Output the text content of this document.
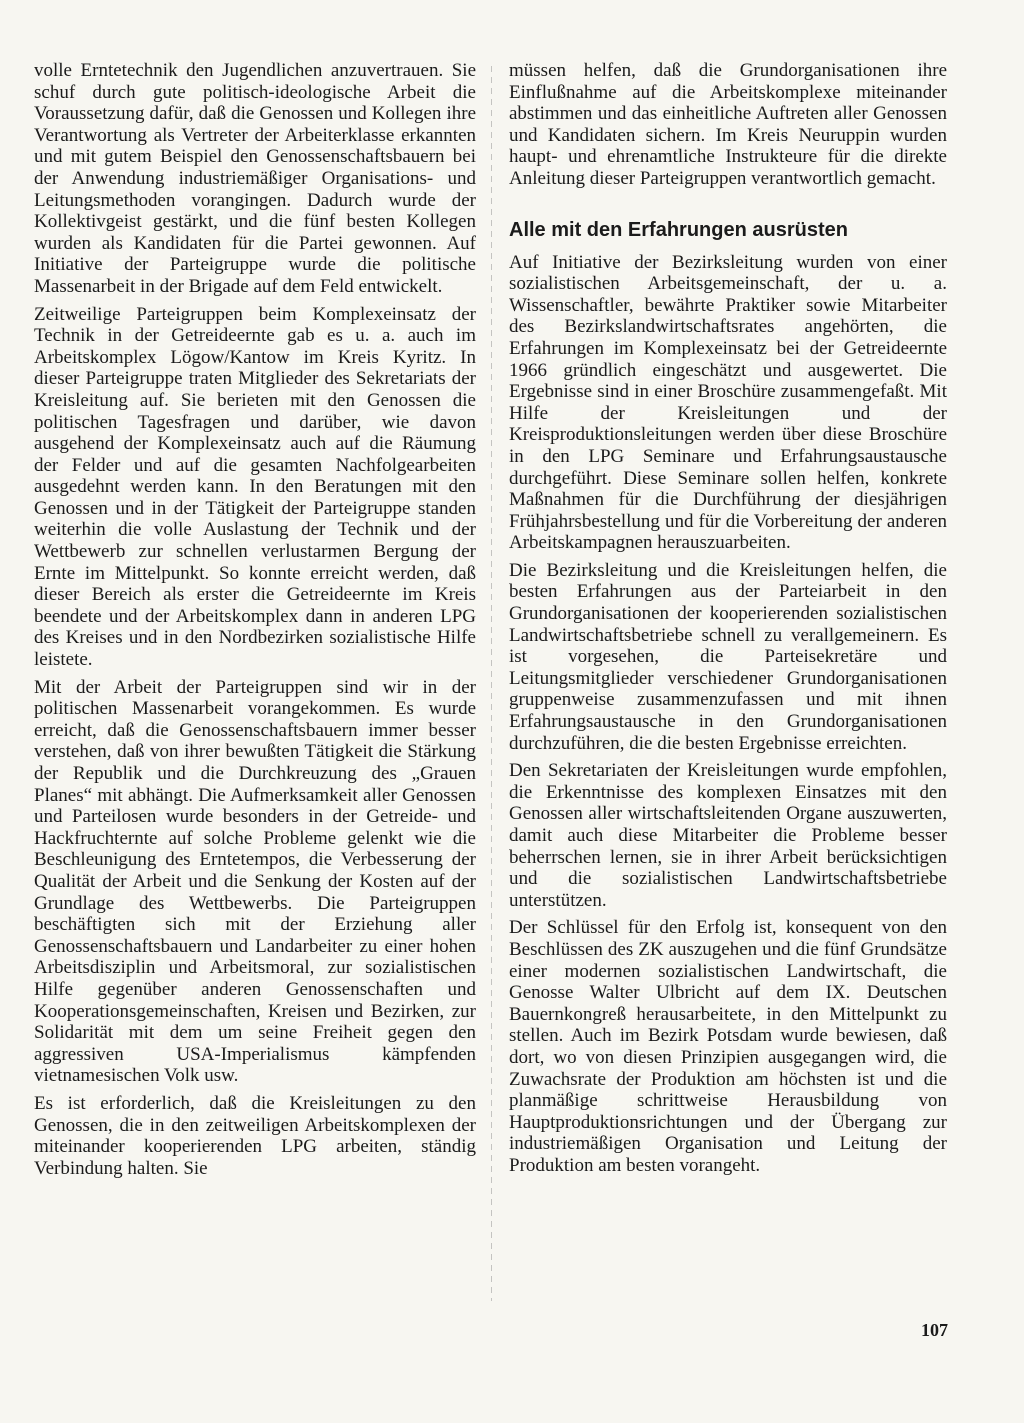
volle Erntetechnik den Jugendlichen anzuvertrauen. Sie schuf durch gute politisch-ideologische Arbeit die Voraussetzung dafür, daß die Genossen und Kollegen ihre Verantwortung als Vertreter der Arbeiterklasse erkannten und mit gutem Beispiel den Genossenschaftsbauern bei der Anwendung industriemäßiger Organisations- und Leitungsmethoden vorangingen. Dadurch wurde der Kollektivgeist gestärkt, und die fünf besten Kollegen wurden als Kandidaten für die Partei gewonnen. Auf Initiative der Parteigruppe wurde die politische Massenarbeit in der Brigade auf dem Feld entwickelt.

Zeitweilige Parteigruppen beim Komplexeinsatz der Technik in der Getreideernte gab es u. a. auch im Arbeitskomplex Lögow/Kantow im Kreis Kyritz. In dieser Parteigruppe traten Mitglieder des Sekretariats der Kreisleitung auf. Sie berieten mit den Genossen die politischen Tagesfragen und darüber, wie davon ausgehend der Komplexeinsatz auch auf die Räumung der Felder und auf die gesamten Nachfolgearbeiten ausgedehnt werden kann. In den Beratungen mit den Genossen und in der Tätigkeit der Parteigruppe standen weiterhin die volle Auslastung der Technik und der Wettbewerb zur schnellen verlustarmen Bergung der Ernte im Mittelpunkt. So konnte erreicht werden, daß dieser Bereich als erster die Getreideernte im Kreis beendete und der Arbeitskomplex dann in anderen LPG des Kreises und in den Nordbezirken sozialistische Hilfe leistete.

Mit der Arbeit der Parteigruppen sind wir in der politischen Massenarbeit vorangekommen. Es wurde erreicht, daß die Genossenschaftsbauern immer besser verstehen, daß von ihrer bewußten Tätigkeit die Stärkung der Republik und die Durchkreuzung des „Grauen Planes“ mit abhängt. Die Aufmerksamkeit aller Genossen und Parteilosen wurde besonders in der Getreide- und Hackfruchternte auf solche Probleme gelenkt wie die Beschleunigung des Erntetempos, die Verbesserung der Qualität der Arbeit und die Senkung der Kosten auf der Grundlage des Wettbewerbs. Die Parteigruppen beschäftigten sich mit der Erziehung aller Genossenschaftsbauern und Landarbeiter zu einer hohen Arbeitsdisziplin und Arbeitsmoral, zur sozialistischen Hilfe gegenüber anderen Genossenschaften und Kooperationsgemeinschaften, Kreisen und Bezirken, zur Solidarität mit dem um seine Freiheit gegen den aggressiven USA-Imperialismus kämpfenden vietnamesischen Volk usw.

Es ist erforderlich, daß die Kreisleitungen zu den Genossen, die in den zeitweiligen Arbeitskomplexen der miteinander kooperierenden LPG arbeiten, ständig Verbindung halten. Sie

müssen helfen, daß die Grundorganisationen ihre Einflußnahme auf die Arbeitskomplexe miteinander abstimmen und das einheitliche Auftreten aller Genossen und Kandidaten sichern. Im Kreis Neuruppin wurden haupt- und ehrenamtliche Instrukteure für die direkte Anleitung dieser Parteigruppen verantwortlich gemacht.

Alle mit den Erfahrungen ausrüsten

Auf Initiative der Bezirksleitung wurden von einer sozialistischen Arbeitsgemeinschaft, der u. a. Wissenschaftler, bewährte Praktiker sowie Mitarbeiter des Bezirkslandwirtschaftsrates angehörten, die Erfahrungen im Komplexeinsatz bei der Getreideernte 1966 gründlich eingeschätzt und ausgewertet. Die Ergebnisse sind in einer Broschüre zusammengefaßt. Mit Hilfe der Kreisleitungen und der Kreisproduktionsleitungen werden über diese Broschüre in den LPG Seminare und Erfahrungsaustausche durchgeführt. Diese Seminare sollen helfen, konkrete Maßnahmen für die Durchführung der diesjährigen Frühjahrsbestellung und für die Vorbereitung der anderen Arbeitskampagnen herauszuarbeiten.

Die Bezirksleitung und die Kreisleitungen helfen, die besten Erfahrungen aus der Parteiarbeit in den Grundorganisationen der kooperierenden sozialistischen Landwirtschaftsbetriebe schnell zu verallgemeinern. Es ist vorgesehen, die Parteisekretäre und Leitungsmitglieder verschiedener Grundorganisationen gruppenweise zusammenzufassen und mit ihnen Erfahrungsaustausche in den Grundorganisationen durchzuführen, die die besten Ergebnisse erreichten.

Den Sekretariaten der Kreisleitungen wurde empfohlen, die Erkenntnisse des komplexen Einsatzes mit den Genossen aller wirtschaftsleitenden Organe auszuwerten, damit auch diese Mitarbeiter die Probleme besser beherrschen lernen, sie in ihrer Arbeit berücksichtigen und die sozialistischen Landwirtschaftsbetriebe unterstützen.

Der Schlüssel für den Erfolg ist, konsequent von den Beschlüssen des ZK auszugehen und die fünf Grundsätze einer modernen sozialistischen Landwirtschaft, die Genosse Walter Ulbricht auf dem IX. Deutschen Bauernkongreß herausarbeitete, in den Mittelpunkt zu stellen. Auch im Bezirk Potsdam wurde bewiesen, daß dort, wo von diesen Prinzipien ausgegangen wird, die Zuwachsrate der Produktion am höchsten ist und die planmäßige schrittweise Herausbildung von Hauptproduktionsrichtungen und der Übergang zur industriemäßigen Organisation und Leitung der Produktion am besten vorangeht.

107
